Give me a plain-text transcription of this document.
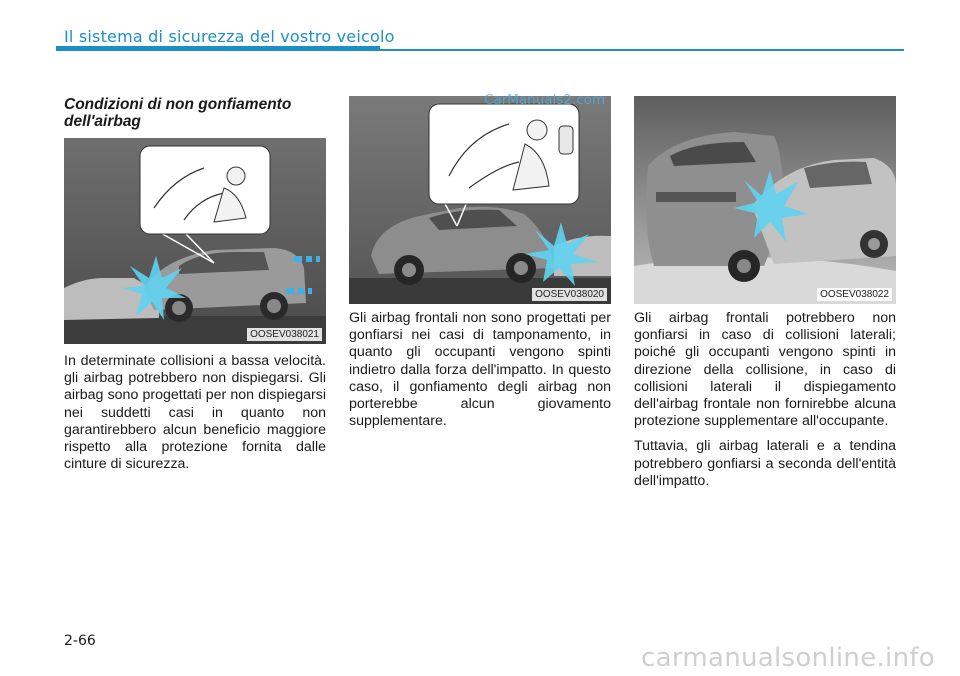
Il sistema di sicurezza del vostro veicolo
Condizioni di non gonfiamento dell'airbag
OOSEV038021
OOSEV038020	OOSEV038022

In determinate collisioni a bassa velocità. gli airbag potrebbero non dispiegarsi. Gli airbag sono progettati per non dispiegarsi nei suddetti casi in quanto non garantirebbero alcun beneficio maggiore rispetto alla protezione fornita dalle cinture di sicurezza.

Gli airbag frontali non sono progettati per gonfiarsi nei casi di tamponamento, in quanto gli occupanti vengono spinti indietro dalla forza dell'impatto. In questo caso, il gonfiamento degli airbag non porterebbe alcun giovamento supplementare.

Gli airbag frontali potrebbero non gonfiarsi in caso di collisioni laterali; poiché gli occupanti vengono spinti in direzione della collisione, in caso di collisioni laterali il dispiegamento dell'airbag frontale non fornirebbe alcuna protezione supplementare all'occupante.

Tuttavia, gli airbag laterali e a tendina potrebbero gonfiarsi a seconda dell'entità dell'impatto.

2-66
CarManuals2.com
carmanualsonline.info
